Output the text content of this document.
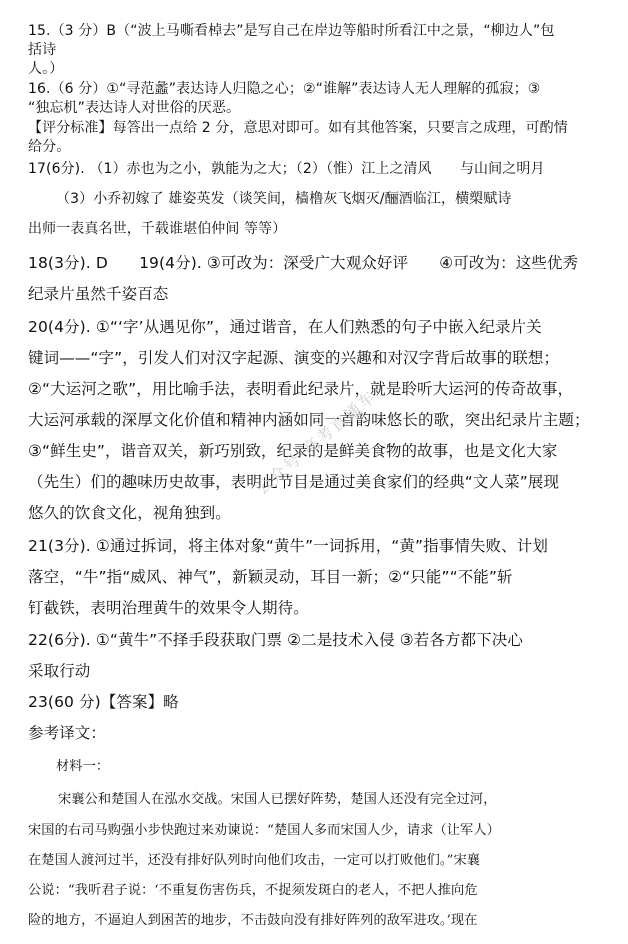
15.（3 分）B（“波上马嘶看棹去”是写自己在岸边等船时所看江中之景，“柳边人”包
括诗
人。）
16.（6 分）①“寻范蠡”表达诗人归隐之心；②“谁解”表达诗人无人理解的孤寂；③
“独忘机”表达诗人对世俗的厌恶。
【评分标准】每答出一点给 2 分，意思对即可。如有其他答案，只要言之成理，可酌情
给分。
17(6分). （1）赤也为之小，孰能为之大；（2）（惟）江上之清风　　与山间之明月
（3）小乔初嫁了 雄姿英发（谈笑间，樯橹灰飞烟灭/酾酒临江，横槊赋诗
出师一表真名世，千载谁堪伯仲间 等等）
18(3分). D　　19(4分). ③可改为：深受广大观众好评　　④可改为：这些优秀
纪录片虽然千姿百态
20(4分). ①“‘字’从遇见你”，通过谐音，在人们熟悉的句子中嵌入纪录片关
键词——“字”，引发人们对汉字起源、演变的兴趣和对汉字背后故事的联想；
②“大运河之歌”，用比喻手法，表明看此纪录片，就是聆听大运河的传奇故事，
大运河承载的深厚文化价值和精神内涵如同一首韵味悠长的歌，突出纪录片主题；
③“鲜生史”，谐音双关，新巧别致，纪录的是鲜美食物的故事，也是文化大家
（先生）们的趣味历史故事，表明此节目是通过美食家们的经典“文人菜”展现
悠久的饮食文化，视角独到。
21(3分). ①通过拆词，将主体对象“黄牛”一词拆用，“黄”指事情失败、计划
落空，“牛”指“威风、神气”，新颖灵动，耳目一新；②“只能”“不能”斩
钉截铁，表明治理黄牛的效果令人期待。
22(6分). ①“黄牛”不择手段获取门票 ②二是技术入侵 ③若各方都下决心
采取行动
23(60 分)【答案】略
参考译文：
材料一：
宋襄公和楚国人在泓水交战。宋国人已摆好阵势，楚国人还没有完全过河，
宋国的右司马购强小步快跑过来劝谏说：“楚国人多而宋国人少，请求（让军人）
在楚国人渡河过半，还没有排好队列时向他们攻击，一定可以打败他们。”宋襄
公说：“我听君子说：‘不重复伤害伤兵，不捉须发斑白的老人，不把人推向危
险的地方，不逼迫人到困苦的地步，不击鼓向没有排好阵列的敌军进攻。’现在
公众号·高考直通车
